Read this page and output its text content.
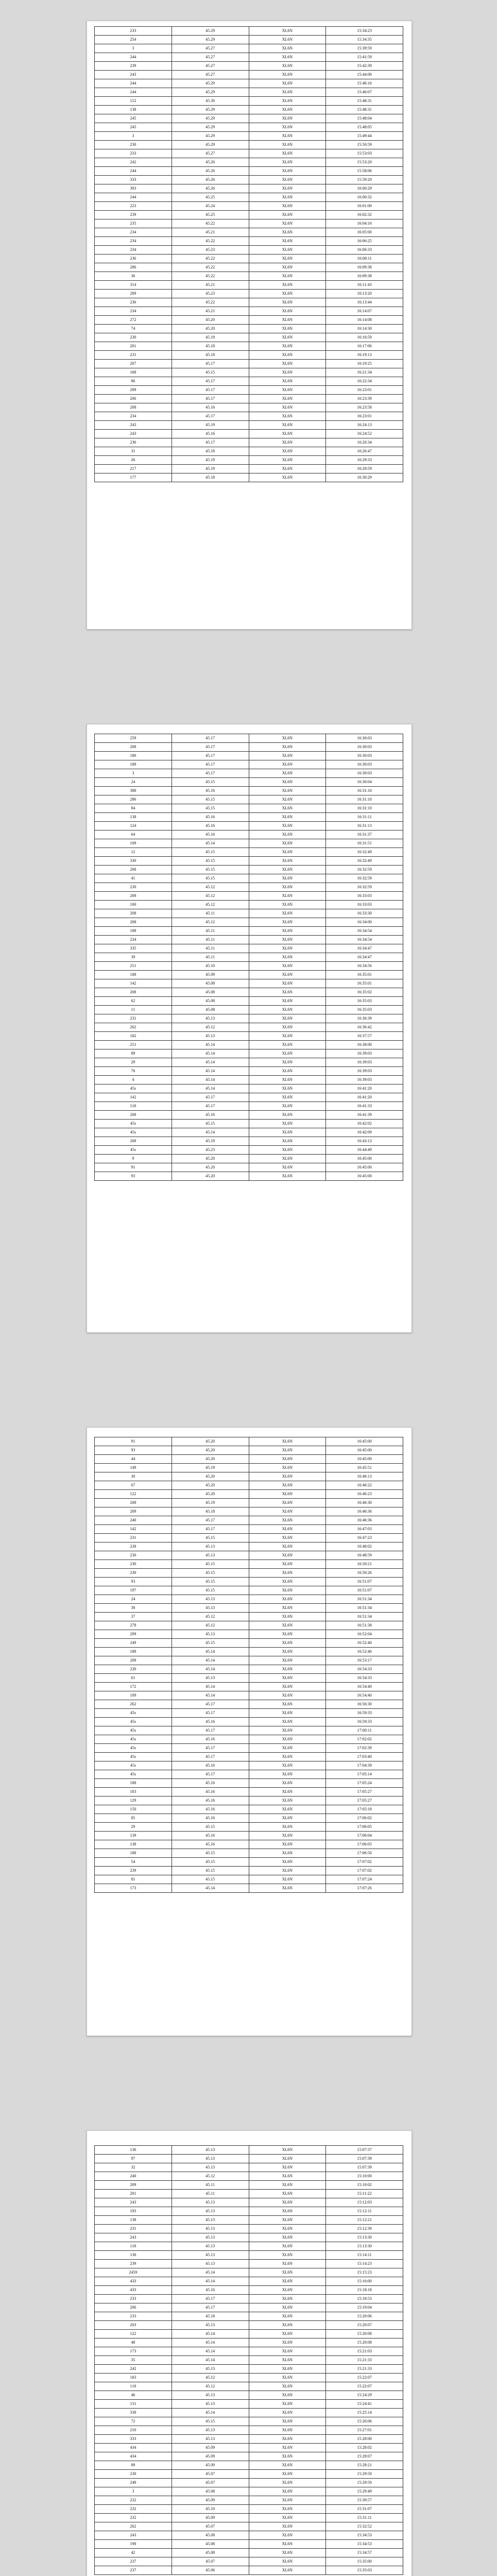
233	45.29	XL6N	15:34:23
254	45.29	XL6N	15:34:35
3	45.27	XL6N	15:39:59
244	45.27	XL6N	15:41:59
239	45.27	XL6N	15:42:39
243	45.27	XL6N	15:44:00
244	45.29	XL6N	15:46:16
244	45.29	XL6N	15:46:07
152	45.30	XL6N	15:48:31
138	45.29	XL6N	15:48:31
245	45.29	XL6N	15:48:04
245	45.29	XL6N	15:48:05
3	45.29	XL6N	15:49:44
230	45.29	XL6N	15:50:59
233	45.27	XL6N	15:53:03
242	45.26	XL6N	15:53:20
244	45.26	XL6N	15:58:06
333	45.26	XL6N	15:59:20
393	45.26	XL6N	16:00:29
244	45.25	XL6N	16:00:32
223	45.24	XL6N	16:01:00
239	45.25	XL6N	16:02:32
235	45.22	XL6N	16:04:16
234	45.21	XL6N	16:05:00
234	45.22	XL6N	16:06:25
234	45.23	XL6N	16:06:33
236	45.22	XL6N	16:08:11
286	45.22	XL6N	16:09:38
36	45.22	XL6N	16:09:38
314	45.21	XL6N	16:11:43
209	45.23	XL6N	16:13:20
236	45.22	XL6N	16:13:44
234	45.21	XL6N	16:14:07
272	45.20	XL6N	16:14:08
74	45.20	XL6N	16:14:30
230	45.19	XL6N	16:16:59
201	45.18	XL6N	16:17:06
231	45.18	XL6N	16:19:13
207	45.17	XL6N	16:19:25
168	45.15	XL6N	16:21:34
86	45.17	XL6N	16:22:34
209	45.17	XL6N	16:23:01
206	45.17	XL6N	16:23:39
208	45.16	XL6N	16:23:58
234	45.17	XL6N	16:23:01
243	45.19	XL6N	16:24:13
243	45.16	XL6N	16:24:52
236	45.17	XL6N	16:26:34
31	45.18	XL6N	16:26:47
26	45.19	XL6N	16:29:33
217	45.19	XL6N	16:29:59
177	45.18	XL6N	16:30:29
259	45.17	XL6N	16:30:03
208	45.17	XL6N	16:30:03
186	45.17	XL6N	16:30:03
188	45.17	XL6N	16:30:03
3	45.17	XL6N	16:30:03
24	45.15	XL6N	16:30:04
388	45.16	XL6N	16:31:10
286	45.15	XL6N	16:31:10
84	45.15	XL6N	16:31:10
138	45.16	XL6N	16:31:11
124	45.16	XL6N	16:31:13
64	45.16	XL6N	16:31:37
109	45.14	XL6N	16:31:51
12	45.15	XL6N	16:32:49
330	45.15	XL6N	16:32:49
208	45.15	XL6N	16:32:59
41	45.15	XL6N	16:32:59
230	45.12	XL6N	16:32:59
208	45.12	XL6N	16:33:03
100	45.12	XL6N	16:33:03
208	45.11	XL6N	16:33:30
208	45.12	XL6N	16:34:00
188	45.11	XL6N	16:34:54
234	45.11	XL6N	16:34:54
335	45.11	XL6N	16:34:47
39	45.11	XL6N	16:34:47
251	45.10	XL6N	16:34:56
188	45.09	XL6N	16:35:01
142	45.08	XL6N	16:35:01
208	45.08	XL6N	16:35:02
62	45.08	XL6N	16:35:03
11	45.08	XL6N	16:35:03
231	45.13	XL6N	16:36:39
262	45.12	XL6N	16:36:42
182	45.13	XL6N	16:37:57
251	45.14	XL6N	16:38:00
89	45.14	XL6N	16:39:03
29	45.14	XL6N	16:39:03
76	45.14	XL6N	16:39:03
4	45.14	XL6N	16:39:03
45s	45.14	XL6N	16:41:20
142	45.17	XL6N	16:41:20
118	45.17	XL6N	16:41:33
208	45.16	XL6N	16:41:39
45s	45.15	XL6N	16:42:02
45s	45.14	XL6N	16:42:09
208	45.19	XL6N	16:43:13
45s	45.23	XL6N	16:44:49
9	45.20	XL6N	16:45:00
91	45.20	XL6N	16:45:00
93	45.20	XL6N	16:45:00
91	45.20	XL6N	16:45:00
93	45.20	XL6N	16:45:00
44	45.20	XL6N	16:45:00
149	45.19	XL6N	16:45:51
30	45.20	XL6N	16:46:13
67	45.20	XL6N	16:46:22
122	45.20	XL6N	16:46:23
208	45.19	XL6N	16:46:30
209	45.18	XL6N	16:46:36
240	45.17	XL6N	16:46:36
142	45.17	XL6N	16:47:03
231	45.15	XL6N	16:47:23
238	45.13	XL6N	16:48:02
230	45.13	XL6N	16:48:59
230	45.15	XL6N	16:50:21
230	45.15	XL6N	16:50:26
93	45.15	XL6N	16:51:07
197	45.15	XL6N	16:51:07
24	45.13	XL6N	16:51:34
38	45.13	XL6N	16:51:34
37	45.12	XL6N	16:51:34
278	45.12	XL6N	16:51:38
209	45.13	XL6N	16:52:04
249	45.15	XL6N	16:52:40
188	45.14	XL6N	16:52:46
208	45.14	XL6N	16:53:17
230	45.14	XL6N	16:54:33
61	45.13	XL6N	16:54:33
172	45.14	XL6N	16:54:40
109	45.14	XL6N	16:54:40
262	45.17	XL6N	16:56:30
45s	45.17	XL6N	16:59:33
45s	45.16	XL6N	16:59:33
45s	45.17	XL6N	17:00:11
45s	45.16	XL6N	17:02:02
45s	45.17	XL6N	17:02:39
45s	45.17	XL6N	17:03:40
45s	45.16	XL6N	17:04:39
45s	45.17	XL6N	17:05:14
188	45.16	XL6N	17:05:24
183	45.16	XL6N	17:05:27
129	45.16	XL6N	17:05:27
150	45.16	XL6N	17:05:18
85	45.16	XL6N	17:06:02
29	45.15	XL6N	17:06:05
139	45.16	XL6N	17:06:04
138	45.16	XL6N	17:06:05
188	45.15	XL6N	17:06:50
54	45.15	XL6N	17:07:02
239	45.15	XL6N	17:07:02
81	45.15	XL6N	17:07:24
173	45.14	XL6N	17:07:26
136	45.13	XL6N	15:07:37
97	45.13	XL6N	15:07:39
32	45.13	XL6N	15:07:39
240	45.12	XL6N	15:10:00
209	45.11	XL6N	15:10:02
201	45.11	XL6N	15:11:22
243	45.13	XL6N	15:12:03
193	45.13	XL6N	15:12:11
138	45.13	XL6N	15:12:21
231	45.13	XL6N	15:12:39
243	45.13	XL6N	15:13:30
118	45.13	XL6N	15:13:30
136	45.13	XL6N	15:14:11
239	45.13	XL6N	15:14:23
2459	45.14	XL6N	15:15:23
433	45.14	XL6N	15:16:00
433	45.16	XL6N	15:18:18
233	45.17	XL6N	15:18:53
206	45.17	XL6N	15:19:04
233	45.18	XL6N	15:20:06
203	45.13	XL6N	15:20:07
122	45.14	XL6N	15:20:08
48	45.14	XL6N	15:20:08
173	45.14	XL6N	15:21:03
35	45.14	XL6N	15:21:33
242	45.13	XL6N	15:21:33
183	45.12	XL6N	15:22:07
118	45.12	XL6N	15:22:07
46	45.13	XL6N	15:24:29
131	45.13	XL6N	15:24:41
338	45.14	XL6N	15:25:14
72	45.15	XL6N	15:26:06
210	45.13	XL6N	15:27:01
333	45.13	XL6N	15:28:00
434	45.09	XL6N	15:28:02
434	45.09	XL6N	15:28:07
89	45.09	XL6N	15:28:21
230	45.07	XL6N	15:29:50
249	45.07	XL6N	15:29:50
3	45.08	XL6N	15:29:49
232	45.09	XL6N	15:30:57
232	45.10	XL6N	15:31:07
232	45.09	XL6N	15:31:11
262	45.07	XL6N	15:32:52
243	45.08	XL6N	15:34:53
198	45.08	XL6N	15:34:53
42	45.08	XL6N	15:34:57
237	45.07	XL6N	15:35:00
237	45.06	XL6N	15:35:03
